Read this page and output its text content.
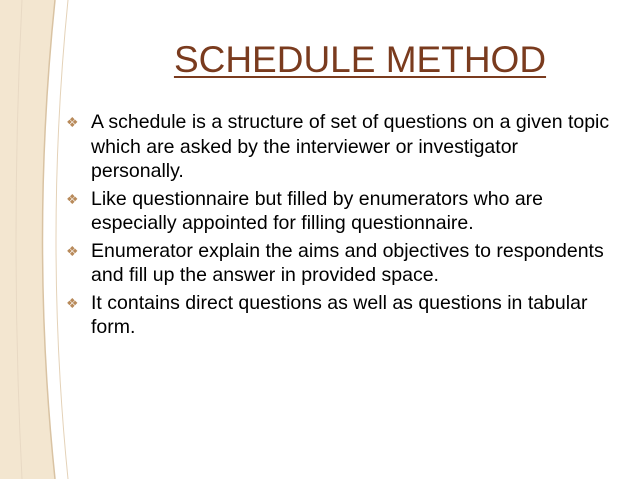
SCHEDULE METHOD
❖ A schedule is a structure of set of questions on a given topic which are asked by the interviewer or investigator personally.
❖ Like questionnaire but filled by enumerators who are especially appointed for filling questionnaire.
❖ Enumerator explain the aims and objectives to respondents and fill up the answer in provided space.
❖ It contains direct questions as well as questions in tabular form.
